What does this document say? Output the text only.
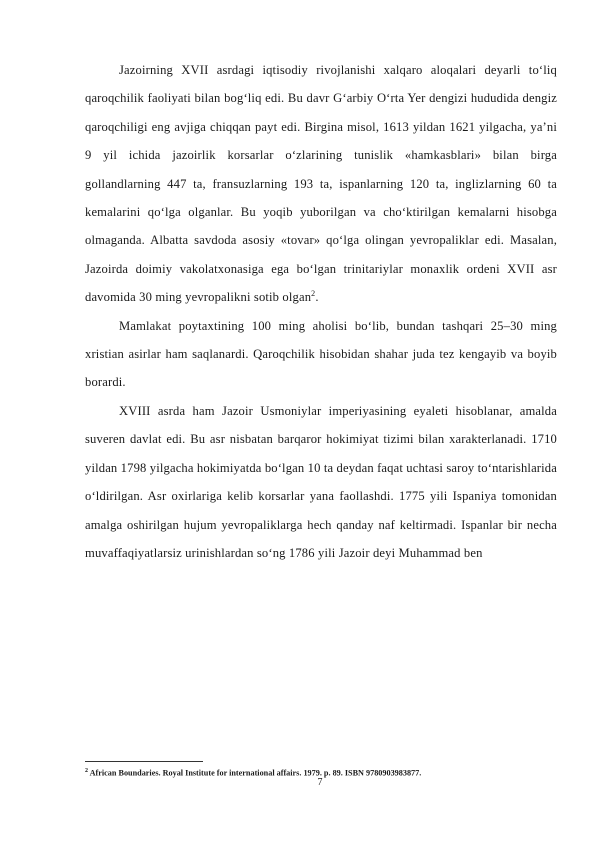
Jazoirning XVII asrdagi iqtisodiy rivojlanishi xalqaro aloqalari deyarli to‘liq qaroqchilik faoliyati bilan bog‘liq edi. Bu davr G‘arbiy O‘rta Yer dengizi hududida dengiz qaroqchiligi eng avjiga chiqqan payt edi. Birgina misol, 1613 yildan 1621 yilgacha, ya’ni 9 yil ichida jazoirlik korsarlar o‘zlarining tunislik «hamkasblari» bilan birga gollandlarning 447 ta, fransuzlarning 193 ta, ispanlarning 120 ta, inglizlarning 60 ta kemalarini qo‘lga olganlar. Bu yoqib yuborilgan va cho‘ktirilgan kemalarni hisobga olmaganda. Albatta savdoda asosiy «tovar» qo‘lga olingan yevropaliklar edi. Masalan, Jazoirda doimiy vakolatxonasiga ega bo‘lgan trinitariylar monaxlik ordeni XVII asr davomida 30 ming yevropalikni sotib olgan$^2$.

Mamlakat poytaxtining 100 ming aholisi bo‘lib, bundan tashqari 25–30 ming xristian asirlar ham saqlanardi. Qaroqchilik hisobidan shahar juda tez kengayib va boyib borardi.

XVIII asrda ham Jazoir Usmoniylar imperiyasining eyaleti hisoblanar, amalda suveren davlat edi. Bu asr nisbatan barqaror hokimiyat tizimi bilan xarakterlanadi. 1710 yildan 1798 yilgacha hokimiyatda bo‘lgan 10 ta deydan faqat uchtasi saroy to‘ntarishlarida o‘ldirilgan. Asr oxirlariga kelib korsarlar yana faollashdi. 1775 yili Ispaniya tomonidan amalga oshirilgan hujum yevropaliklarga hech qanday naf keltirmadi. Ispanlar bir necha muvaffaqiyatlarsiz urinishlardan so‘ng 1786 yili Jazoir deyi Muhammad ben

$^2$ African Boundaries. Royal Institute for international affairs. 1979. p. 89. ISBN 9780903983877.
7
